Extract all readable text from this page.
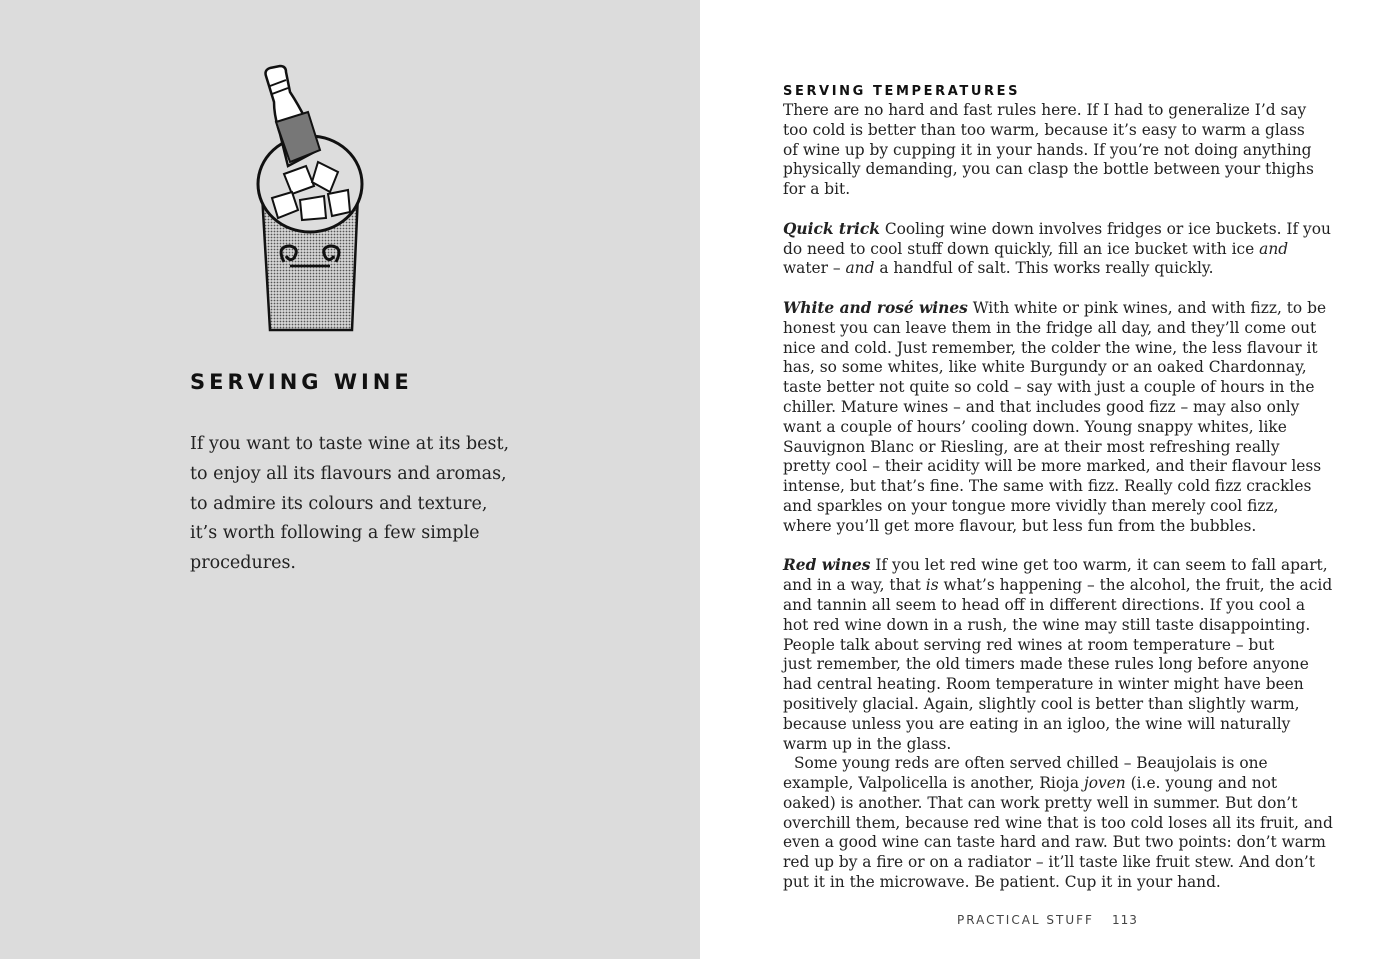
SERVING WINE
If you want to taste wine at its best,
to enjoy all its flavours and aromas,
to admire its colours and texture,
it’s worth following a few simple
procedures.
SERVING TEMPERATURES
There are no hard and fast rules here. If I had to generalize I’d say
too cold is better than too warm, because it’s easy to warm a glass
of wine up by cupping it in your hands. If you’re not doing anything
physically demanding, you can clasp the bottle between your thighs
for a bit.
Quick trick Cooling wine down involves fridges or ice buckets. If you
do need to cool stuff down quickly, fill an ice bucket with ice and
water – and a handful of salt. This works really quickly.
White and rosé wines With white or pink wines, and with fizz, to be
honest you can leave them in the fridge all day, and they’ll come out
nice and cold. Just remember, the colder the wine, the less flavour it
has, so some whites, like white Burgundy or an oaked Chardonnay,
taste better not quite so cold – say with just a couple of hours in the
chiller. Mature wines – and that includes good fizz – may also only
want a couple of hours’ cooling down. Young snappy whites, like
Sauvignon Blanc or Riesling, are at their most refreshing really
pretty cool – their acidity will be more marked, and their flavour less
intense, but that’s fine. The same with fizz. Really cold fizz crackles
and sparkles on your tongue more vividly than merely cool fizz,
where you’ll get more flavour, but less fun from the bubbles.
Red wines If you let red wine get too warm, it can seem to fall apart,
and in a way, that is what’s happening – the alcohol, the fruit, the acid
and tannin all seem to head off in different directions. If you cool a
hot red wine down in a rush, the wine may still taste disappointing.
People talk about serving red wines at room temperature – but
just remember, the old timers made these rules long before anyone
had central heating. Room temperature in winter might have been
positively glacial. Again, slightly cool is better than slightly warm,
because unless you are eating in an igloo, the wine will naturally
warm up in the glass.
Some young reds are often served chilled – Beaujolais is one
example, Valpolicella is another, Rioja joven (i.e. young and not
oaked) is another. That can work pretty well in summer. But don’t
overchill them, because red wine that is too cold loses all its fruit, and
even a good wine can taste hard and raw. But two points: don’t warm
red up by a fire or on a radiator – it’ll taste like fruit stew. And don’t
put it in the microwave. Be patient. Cup it in your hand.
PRACTICAL STUFF 113
